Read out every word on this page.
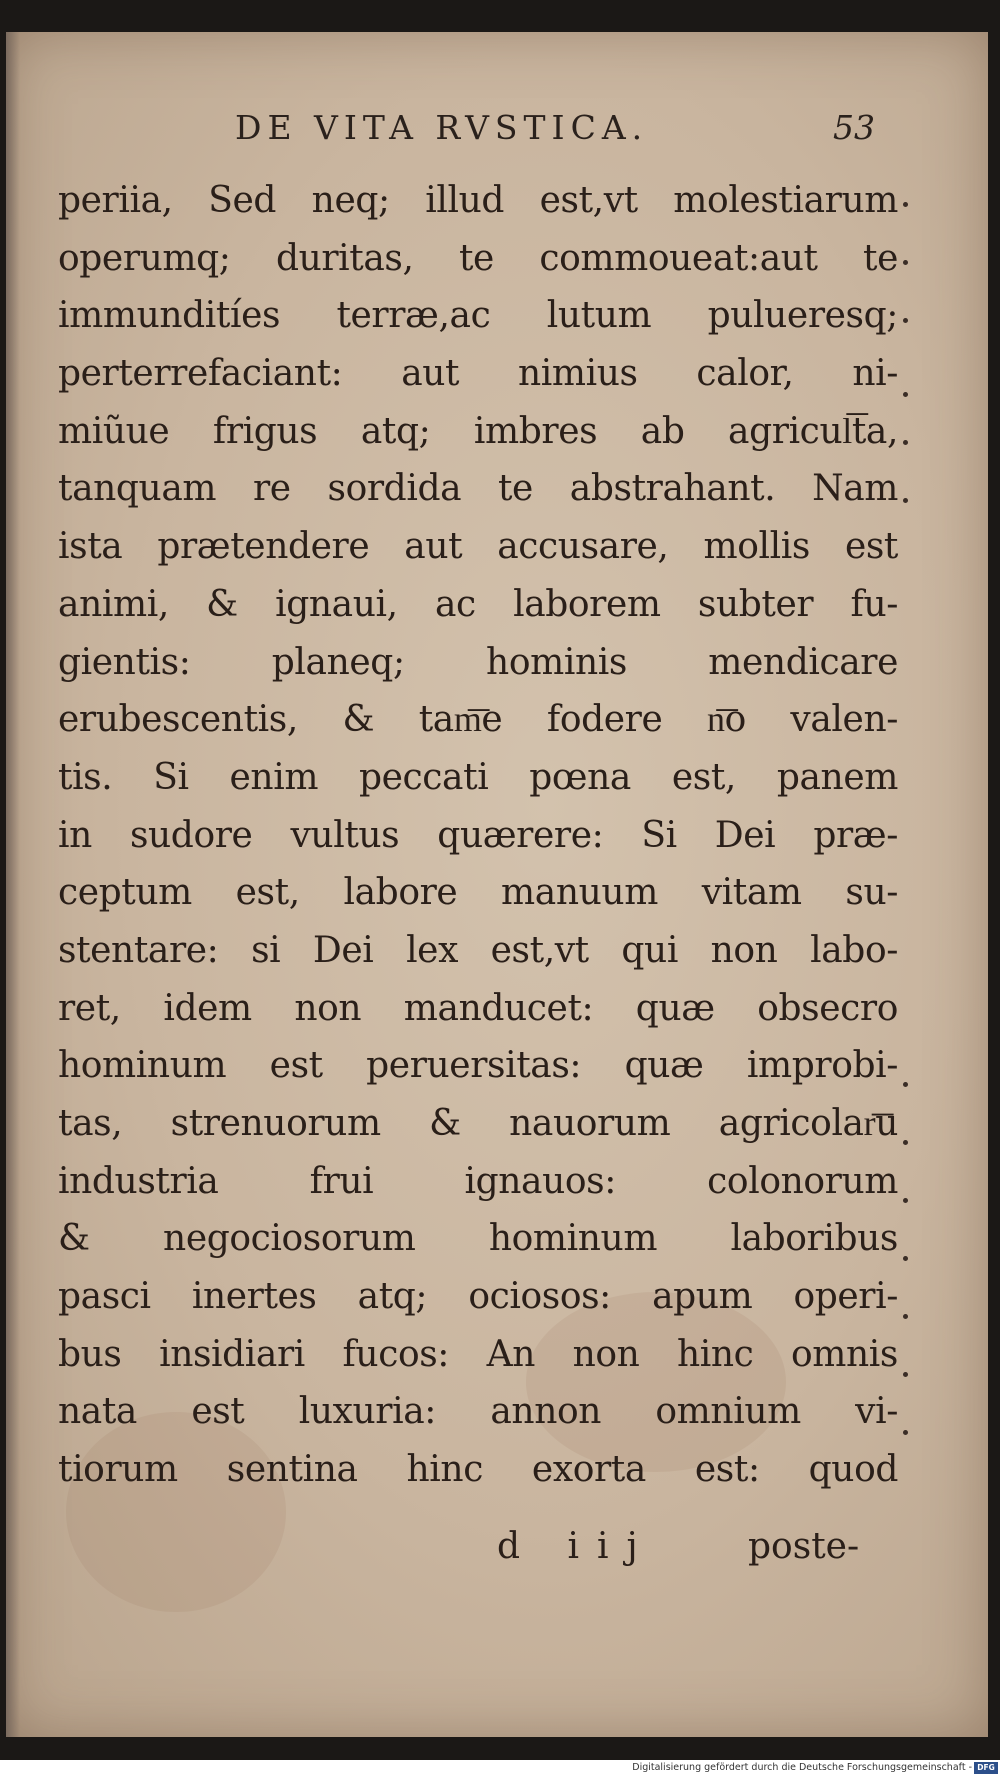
DE VITA RVSTICA.	53
periia, Sed neq; illud est,vt molestiarum
operumq; duritas, te commoueat:aut te
immunditíes terræ,ac lutum pulueresq;
perterrefaciant: aut nimius calor, ni-
miũue frigus atq; imbres ab agricul͞ta,
tanquam re sordida te abstrahant. Nam
ista prætendere aut accusare, mollis est
animi, & ignaui, ac laborem subter fu-
gientis: planeq; hominis mendicare
erubescentis, & tam͞e fodere n͞o valen-
tis. Si enim peccati pœna est, panem
in sudore vultus quærere: Si Dei præ-
ceptum est, labore manuum vitam su-
stentare: si Dei lex est,vt qui non labo-
ret, idem non manducet: quæ obsecro
hominum est peruersitas: quæ improbi-
tas, strenuorum & nauorum agricolar͞u
industria frui ignauos: colonorum
& negociosorum hominum laboribus
pasci inertes atq; ociosos: apum operi-
bus insidiari fucos: An non hinc omnis
nata est luxuria: annon omnium vi-
tiorum sentina hinc exorta est: quod
d iij	poste-
Digitalisierung gefördert durch die Deutsche Forschungsgemeinschaft - DFG
